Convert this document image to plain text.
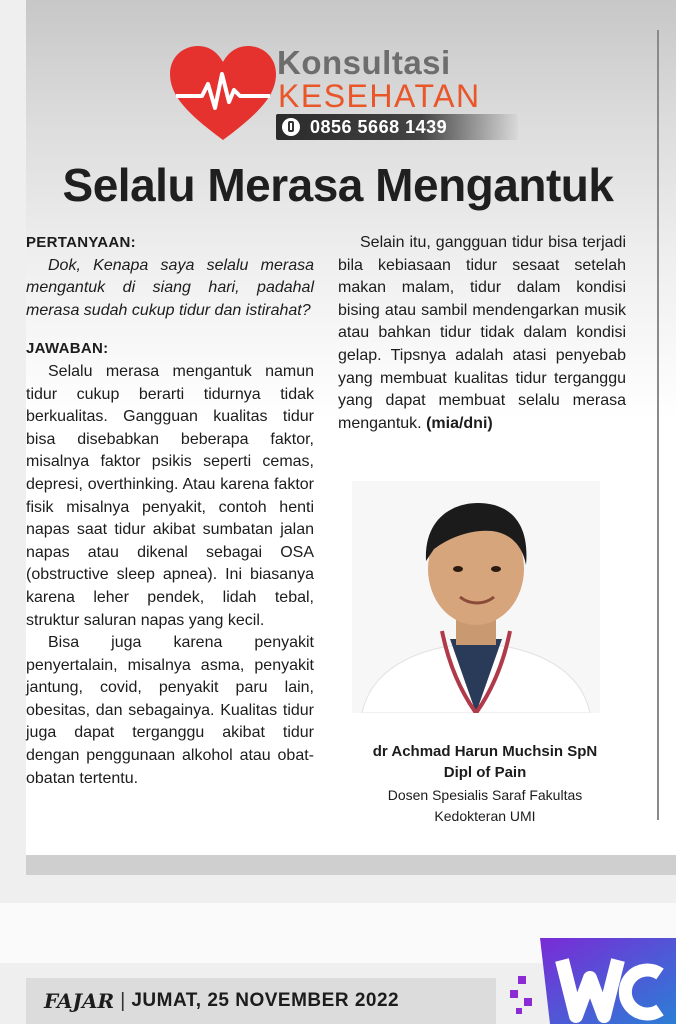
Konsultasi
KESEHATAN
0856 5668 1439
Selalu Merasa Mengantuk
PERTANYAAN:

Dok, Kenapa saya selalu merasa mengantuk di siang hari, padahal merasa sudah cukup tidur dan istirahat?

JAWABAN:

Selalu merasa mengantuk namun tidur cukup berarti tidurnya tidak berkualitas. Gangguan kualitas tidur bisa disebabkan beberapa faktor, misalnya faktor psikis seperti cemas, depresi, overthinking. Atau karena faktor fisik misalnya penyakit, contoh henti napas saat tidur akibat sumbatan jalan napas atau dikenal sebagai OSA (obstructive sleep apnea). Ini biasanya karena leher pendek, lidah tebal, struktur saluran napas yang kecil.

Bisa juga karena penyakit penyertalain, misalnya asma, penyakit jantung, covid, penyakit paru lain, obesitas, dan sebagainya. Kualitas tidur juga dapat terganggu akibat tidur dengan penggunaan alkohol atau obat-obatan tertentu.

Selain itu, gangguan tidur bisa terjadi bila kebiasaan tidur sesaat setelah makan malam, tidur dalam kondisi bising atau sambil mendengarkan musik atau bahkan tidur tidak dalam kondisi gelap. Tipsnya adalah atasi penyebab yang membuat kualitas tidur terganggu yang dapat membuat selalu merasa mengantuk. (mia/dni)

dr Achmad Harun Muchsin SpN
Dipl of Pain
Dosen Spesialis Saraf Fakultas
Kedokteran UMI
FAJAR | JUMAT, 25 NOVEMBER 2022
